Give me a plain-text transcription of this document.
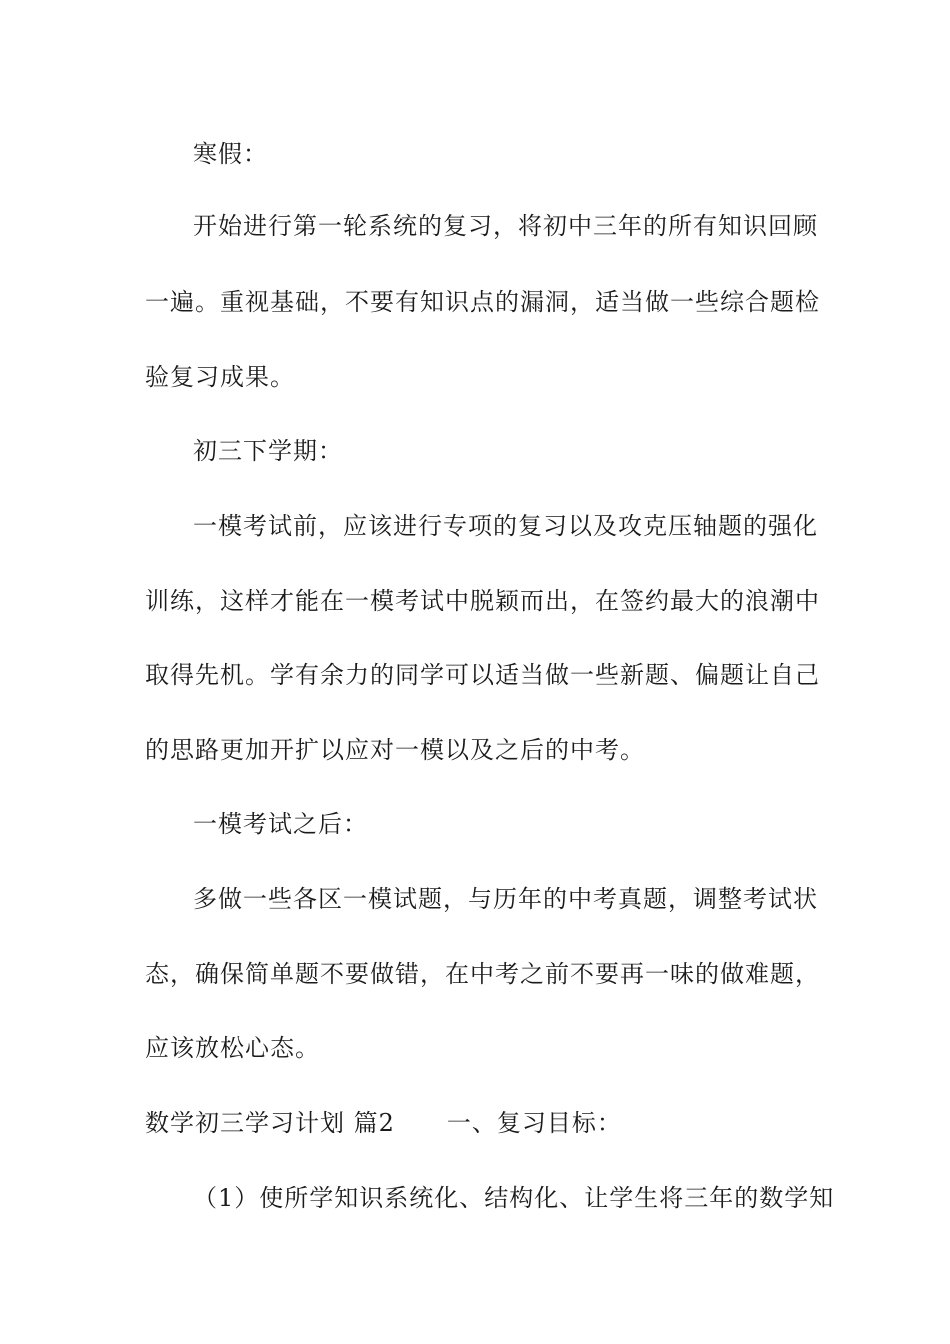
寒假：
开始进行第一轮系统的复习，将初中三年的所有知识回顾
一遍。重视基础，不要有知识点的漏洞，适当做一些综合题检
验复习成果。
初三下学期：
一模考试前，应该进行专项的复习以及攻克压轴题的强化
训练，这样才能在一模考试中脱颖而出，在签约最大的浪潮中
取得先机。学有余力的同学可以适当做一些新题、偏题让自己
的思路更加开扩以应对一模以及之后的中考。
一模考试之后：
多做一些各区一模试题，与历年的中考真题，调整考试状
态，确保简单题不要做错，在中考之前不要再一味的做难题，
应该放松心态。
数学初三学习计划 篇2 一、复习目标：
（1）使所学知识系统化、结构化、让学生将三年的数学知
